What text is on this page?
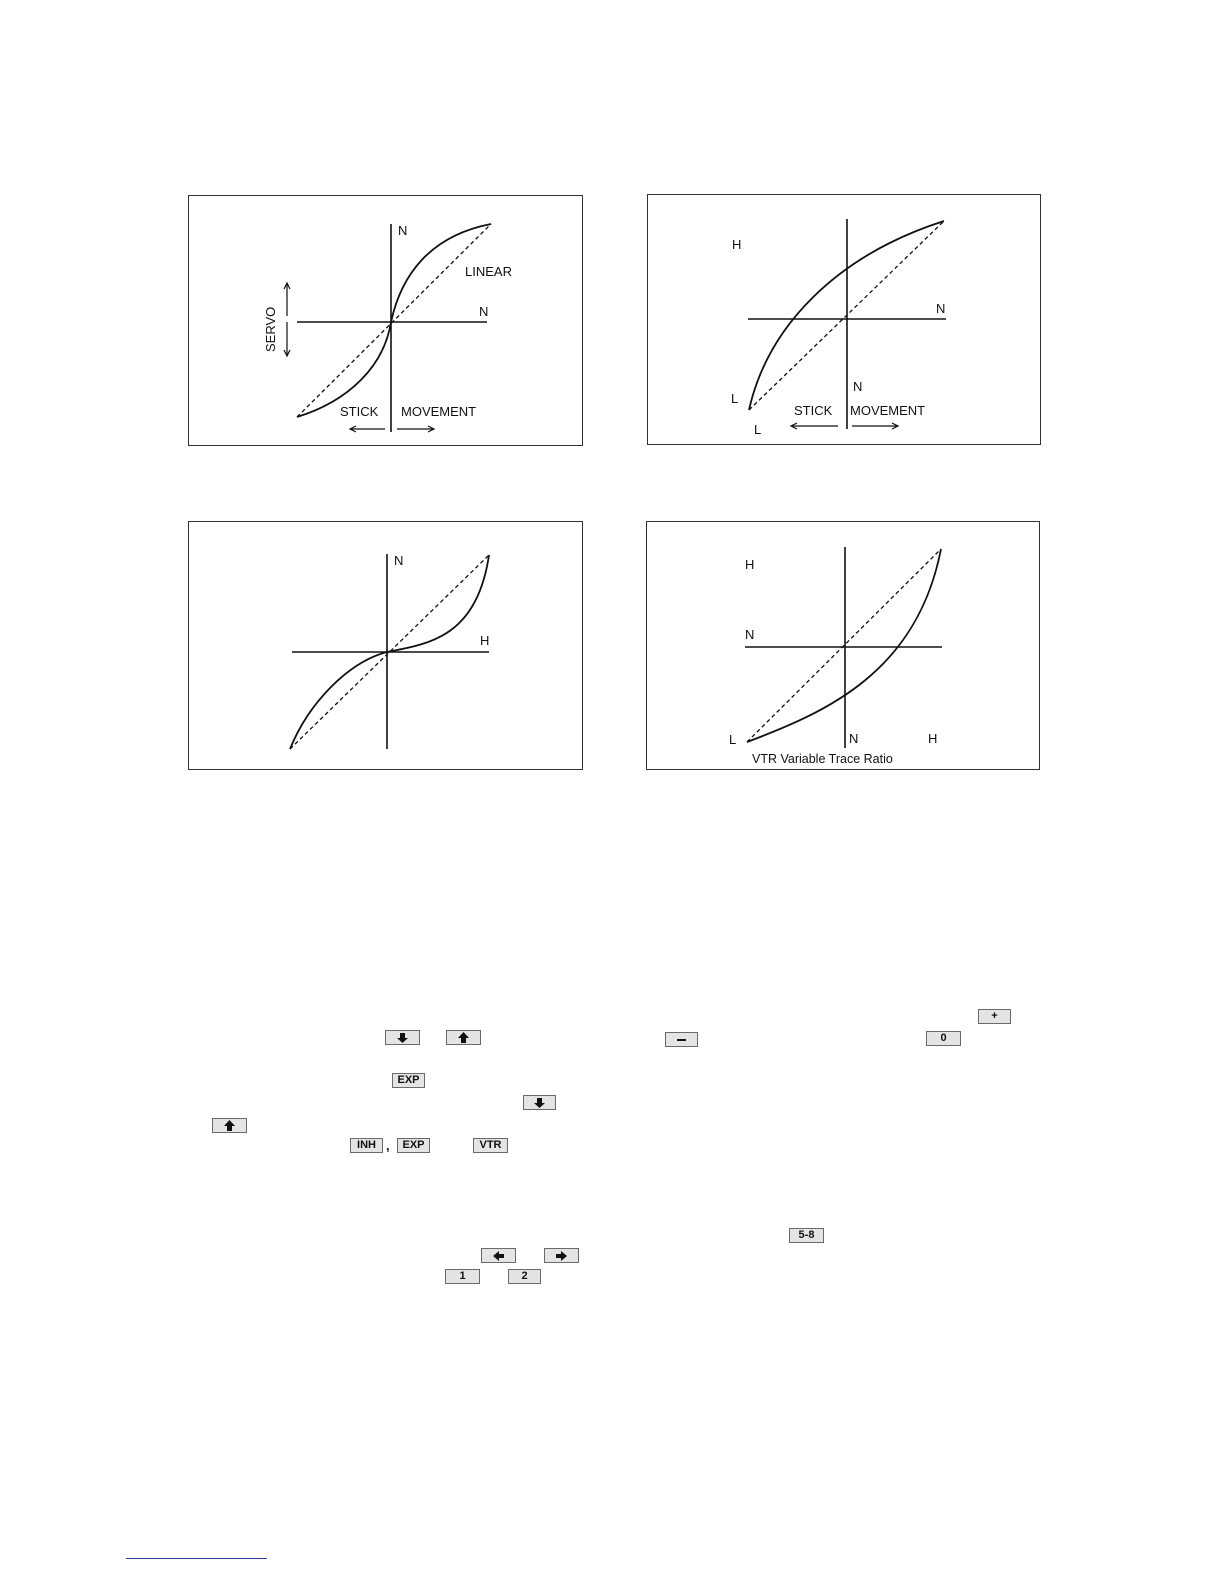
N
LINEAR
N
SERVO
STICK MOVEMENT
H
N
N
L
L
STICK MOVEMENT
N
H
H
N
L	N	H
VTR Variable Trace Ratio
+
0
EXP
INH ,	EXP	VTR
5-8
1	2
